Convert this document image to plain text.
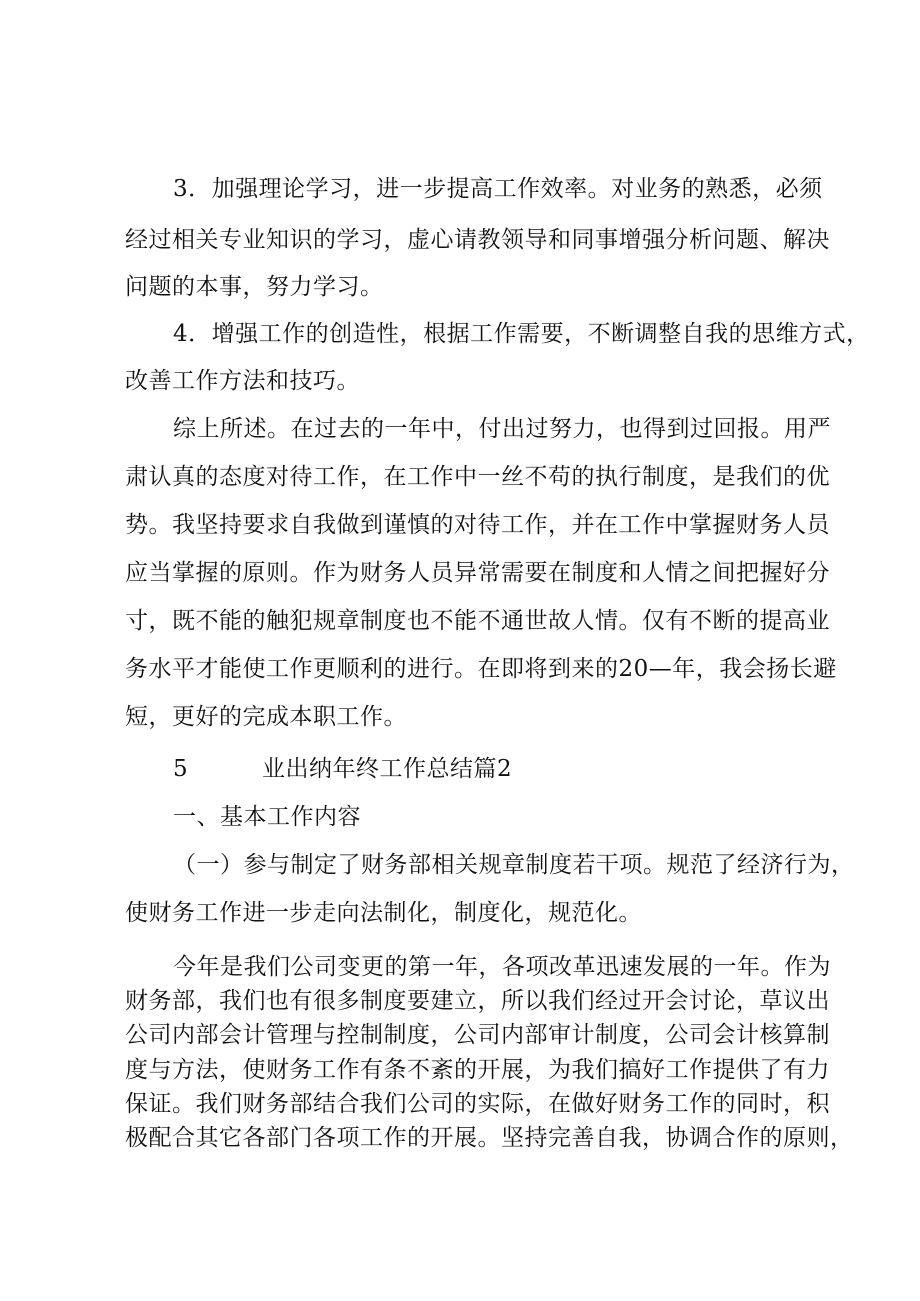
3．加强理论学习，进一步提高工作效率。对业务的熟悉，必须
经过相关专业知识的学习，虚心请教领导和同事增强分析问题、解决
问题的本事，努力学习。
4．增强工作的创造性，根据工作需要，不断调整自我的思维方式，
改善工作方法和技巧。
综上所述。在过去的一年中，付出过努力，也得到过回报。用严
肃认真的态度对待工作，在工作中一丝不苟的执行制度，是我们的优
势。我坚持要求自我做到谨慎的对待工作，并在工作中掌握财务人员
应当掌握的原则。作为财务人员异常需要在制度和人情之间把握好分
寸，既不能的触犯规章制度也不能不通世故人情。仅有不断的提高业
务水平才能使工作更顺利的进行。在即将到来的20—年，我会扬长避
短，更好的完成本职工作。
5	业出纳年终工作总结篇2
一、基本工作内容
（一）参与制定了财务部相关规章制度若干项。规范了经济行为，
使财务工作进一步走向法制化，制度化，规范化。
今年是我们公司变更的第一年，各项改革迅速发展的一年。作为
财务部，我们也有很多制度要建立，所以我们经过开会讨论，草议出
公司内部会计管理与控制制度，公司内部审计制度，公司会计核算制
度与方法，使财务工作有条不紊的开展，为我们搞好工作提供了有力
保证。我们财务部结合我们公司的实际，在做好财务工作的同时，积
极配合其它各部门各项工作的开展。坚持完善自我，协调合作的原则，
